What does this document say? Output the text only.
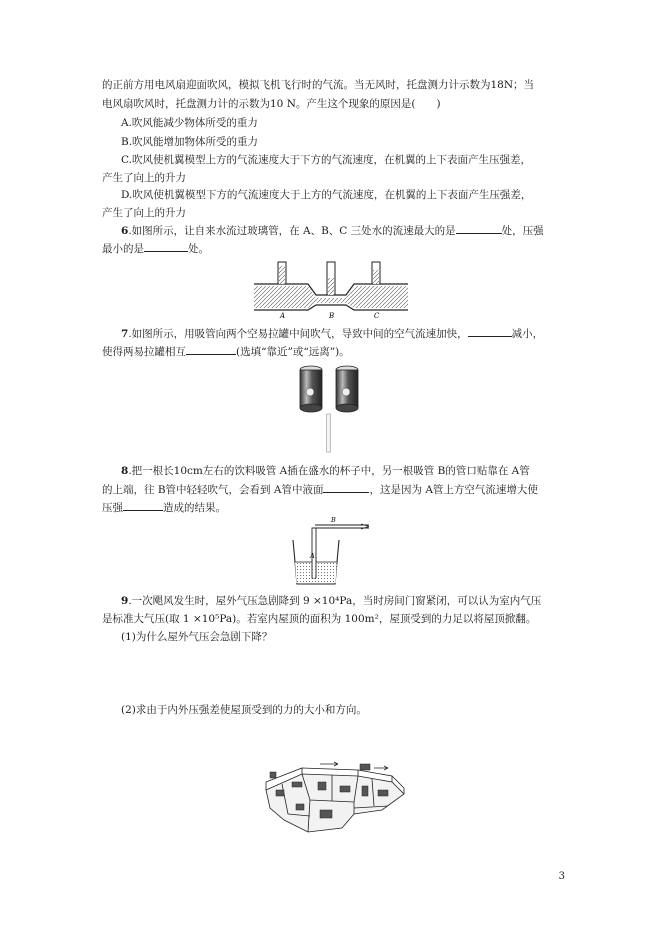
的正前方用电风扇迎面吹风，模拟飞机飞行时的气流。当无风时，托盘测力计示数为18N；当
电风扇吹风时，托盘测力计的示数为10 N。产生这个现象的原因是(　　)
A.吹风能减少物体所受的重力
B.吹风能增加物体所受的重力
C.吹风使机翼模型上方的气流速度大于下方的气流速度，在机翼的上下表面产生压强差，
产生了向上的升力
D.吹风使机翼模型下方的气流速度大于上方的气流速度，在机翼的上下表面产生压强差，
产生了向上的升力
6.如图所示，让自来水流过玻璃管，在 A、B、C 三处水的流速最大的是	处，压强
最小的是	处。
A	B	C
7.如图所示，用吸管向两个空易拉罐中间吹气，导致中间的空气流速加快，	减小，
使得两易拉罐相互	(选填“靠近”或“远离”)。
8.把一根长10cm左右的饮料吸管 A插在盛水的杯子中，另一根吸管 B的管口贴靠在 A管
的上端，往 B管中轻轻吹气，会看到 A管中液面	，这是因为 A管上方空气流速增大使
压强	造成的结果。
B
A
9.一次飓风发生时，屋外气压急剧降到 9 ×10⁴Pa，当时房间门窗紧闭，可以认为室内气压
是标准大气压(取 1 ×10⁵Pa)。若室内屋顶的面积为 100m²，屋顶受到的力足以将屋顶掀翻。
(1)为什么屋外气压会急剧下降？
(2)求由于内外压强差使屋顶受到的力的大小和方向。
3
